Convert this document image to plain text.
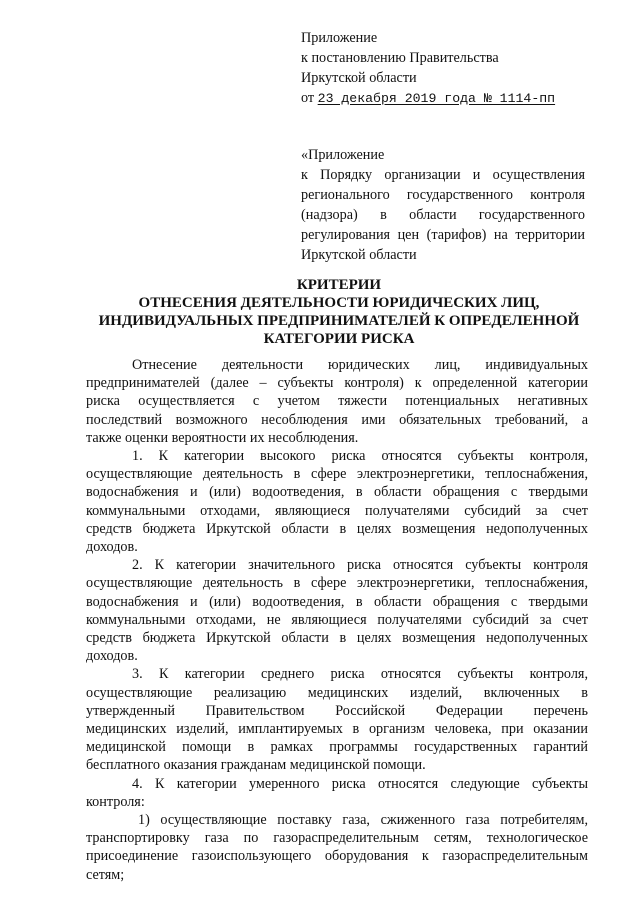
Приложение
к постановлению Правительства
Иркутской области
от 23 декабря 2019 года № 1114-пп
«Приложение
к Порядку организации и осуществления
регионального государственного контроля
(надзора) в области государственного
регулирования цен (тарифов) на территории
Иркутской области
КРИТЕРИИ
ОТНЕСЕНИЯ ДЕЯТЕЛЬНОСТИ ЮРИДИЧЕСКИХ ЛИЦ,
ИНДИВИДУАЛЬНЫХ ПРЕДПРИНИМАТЕЛЕЙ К ОПРЕДЕЛЕННОЙ
КАТЕГОРИИ РИСКА

Отнесение деятельности юридических лиц, индивидуальных
предпринимателей (далее – субъекты контроля) к определенной категории
риска осуществляется с учетом тяжести потенциальных негативных
последствий возможного несоблюдения ими обязательных требований, а
также оценки вероятности их несоблюдения.

1. К категории высокого риска относятся субъекты контроля,
осуществляющие деятельность в сфере электроэнергетики, теплоснабжения,
водоснабжения и (или) водоотведения, в области обращения с твердыми
коммунальными отходами, являющиеся получателями субсидий за счет
средств бюджета Иркутской области в целях возмещения недополученных
доходов.

2. К категории значительного риска относятся субъекты контроля
осуществляющие деятельность в сфере электроэнергетики, теплоснабжения,
водоснабжения и (или) водоотведения, в области обращения с твердыми
коммунальными отходами, не являющиеся получателями субсидий за счет
средств бюджета Иркутской области в целях возмещения недополученных
доходов.

3. К категории среднего риска относятся субъекты контроля,
осуществляющие реализацию медицинских изделий, включенных в
утвержденный Правительством Российской Федерации перечень
медицинских изделий, имплантируемых в организм человека, при оказании
медицинской помощи в рамках программы государственных гарантий
бесплатного оказания гражданам медицинской помощи.

4. К категории умеренного риска относятся следующие субъекты
контроля:

1) осуществляющие поставку газа, сжиженного газа потребителям,
транспортировку газа по газораспределительным сетям, технологическое
присоединение газоиспользующего оборудования к газораспределительным
сетям;
